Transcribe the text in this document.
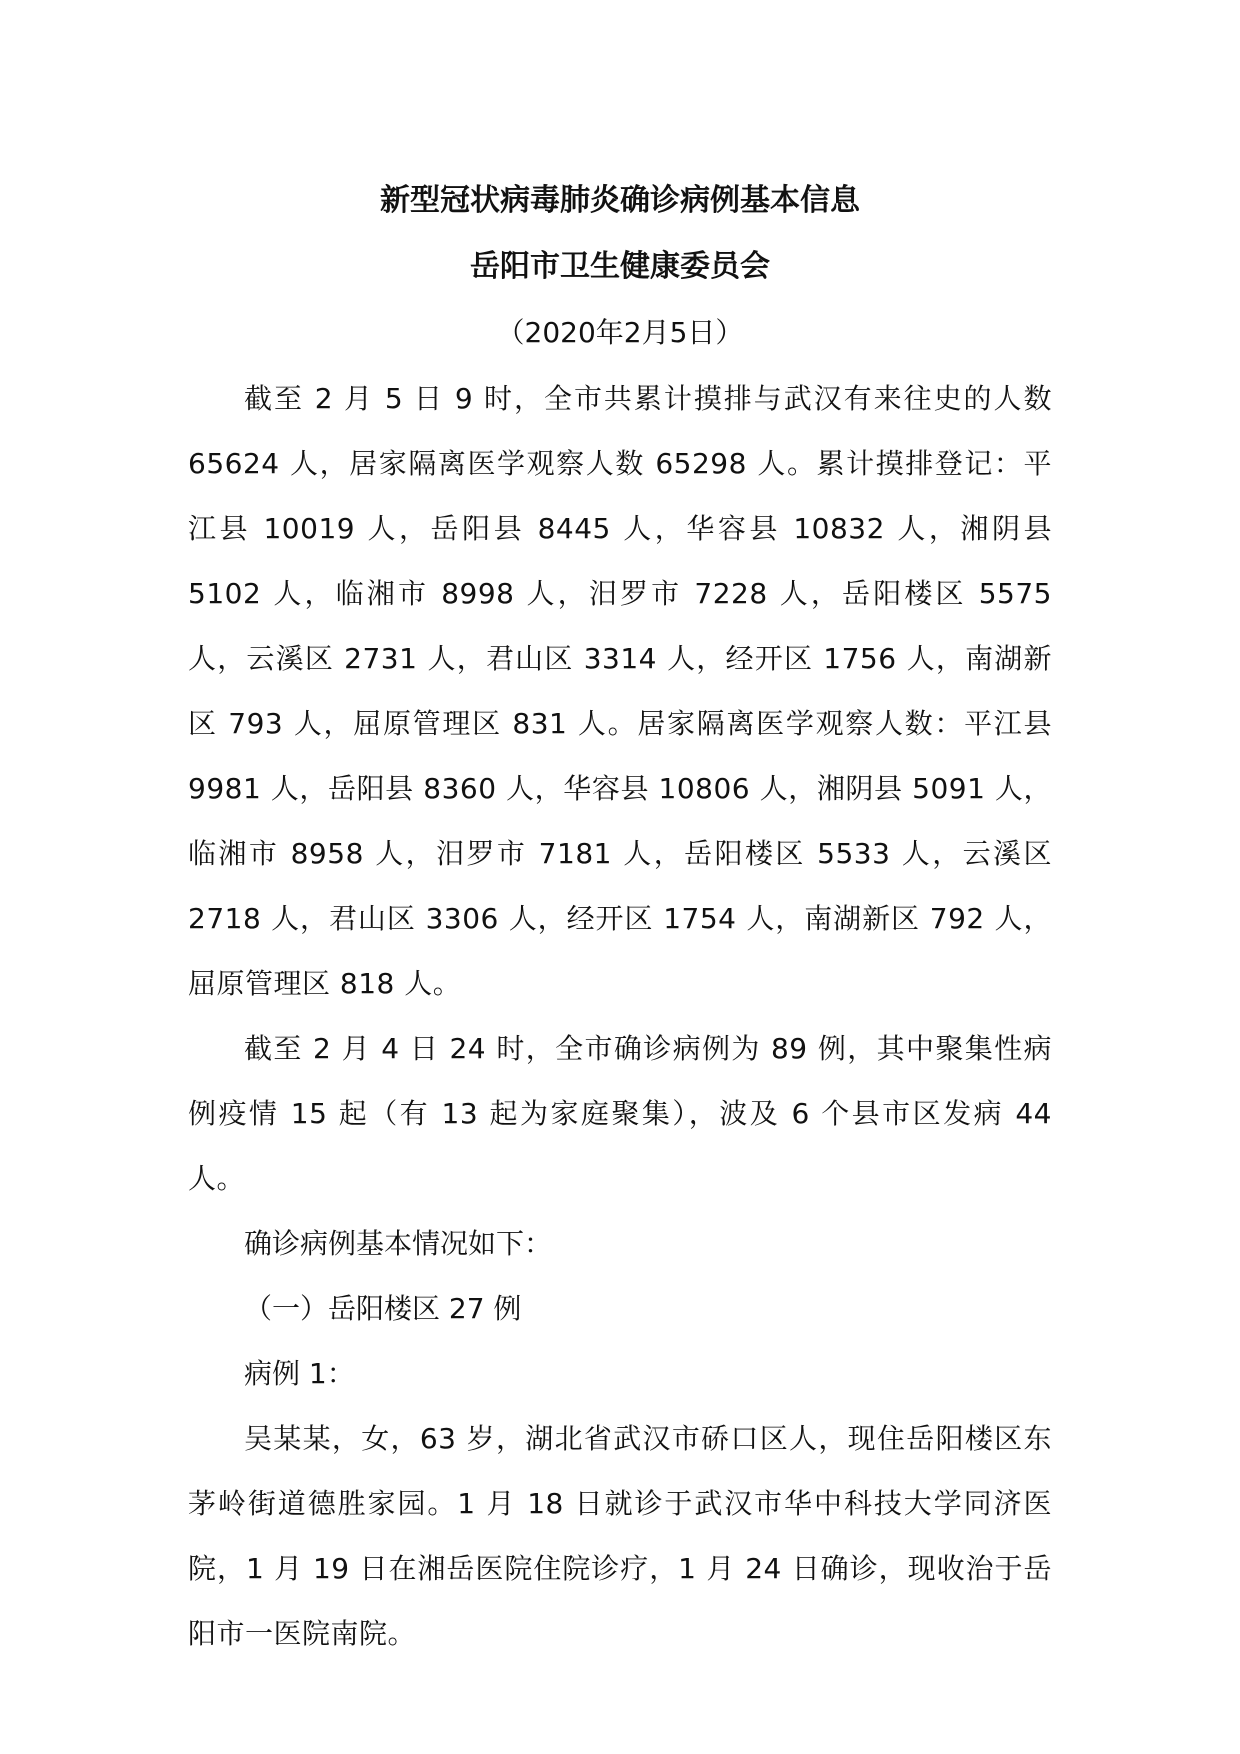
新型冠状病毒肺炎确诊病例基本信息

岳阳市卫生健康委员会

（2020年2月5日）

截至 2 月 5 日 9 时，全市共累计摸排与武汉有来往史的人数 65624 人，居家隔离医学观察人数 65298 人。累计摸排登记：平江县 10019 人，岳阳县 8445 人，华容县 10832 人，湘阴县 5102 人，临湘市 8998 人，汨罗市 7228 人，岳阳楼区 5575 人，云溪区 2731 人，君山区 3314 人，经开区 1756 人，南湖新区 793 人，屈原管理区 831 人。居家隔离医学观察人数：平江县 9981 人，岳阳县 8360 人，华容县 10806 人，湘阴县 5091 人，临湘市 8958 人，汨罗市 7181 人，岳阳楼区 5533 人，云溪区 2718 人，君山区 3306 人，经开区 1754 人，南湖新区 792 人，屈原管理区 818 人。

截至 2 月 4 日 24 时，全市确诊病例为 89 例，其中聚集性病例疫情 15 起（有 13 起为家庭聚集），波及 6 个县市区发病 44 人。

确诊病例基本情况如下：

（一）岳阳楼区 27 例

病例 1：

吴某某，女，63 岁，湖北省武汉市硚口区人，现住岳阳楼区东茅岭街道德胜家园。1 月 18 日就诊于武汉市华中科技大学同济医院，1 月 19 日在湘岳医院住院诊疗，1 月 24 日确诊，现收治于岳阳市一医院南院。
